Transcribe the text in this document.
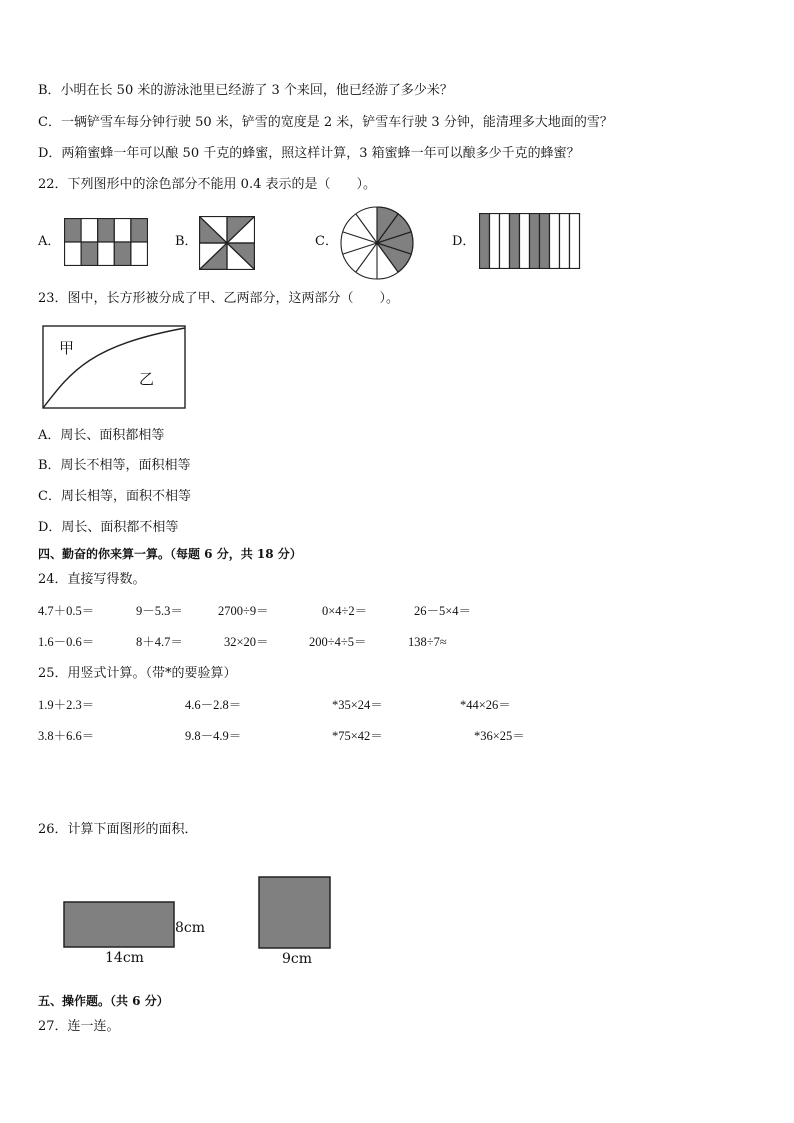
B．小明在长 50 米的游泳池里已经游了 3 个来回，他已经游了多少米？
C．一辆铲雪车每分钟行驶 50 米，铲雪的宽度是 2 米，铲雪车行驶 3 分钟，能清理多大地面的雪？
D．两箱蜜蜂一年可以酿 50 千克的蜂蜜，照这样计算，3 箱蜜蜂一年可以酿多少千克的蜂蜜？
22．下列图形中的涂色部分不能用 0.4 表示的是（　　）。
A．	B．	C．	D．
23．图中，长方形被分成了甲、乙两部分，这两部分（　　）。
甲
乙
A．周长、面积都相等
B．周长不相等，面积相等
C．周长相等，面积不相等
D．周长、面积都不相等
四、勤奋的你来算一算。（每题 6 分，共 18 分）
24．直接写得数。
4.7＋0.5＝	9－5.3＝	2700÷9＝	0×4÷2＝	26－5×4＝
1.6－0.6＝	8＋4.7＝	32×20＝	200÷4÷5＝	138÷7≈
25．用竖式计算。（带*的要验算）
1.9＋2.3＝	4.6－2.8＝	*35×24＝	*44×26＝
3.8＋6.6＝	9.8－4.9＝	*75×42＝	*36×25＝
26．计算下面图形的面积．
8cm
14cm	9cm
五、操作题。（共 6 分）
27．连一连。
